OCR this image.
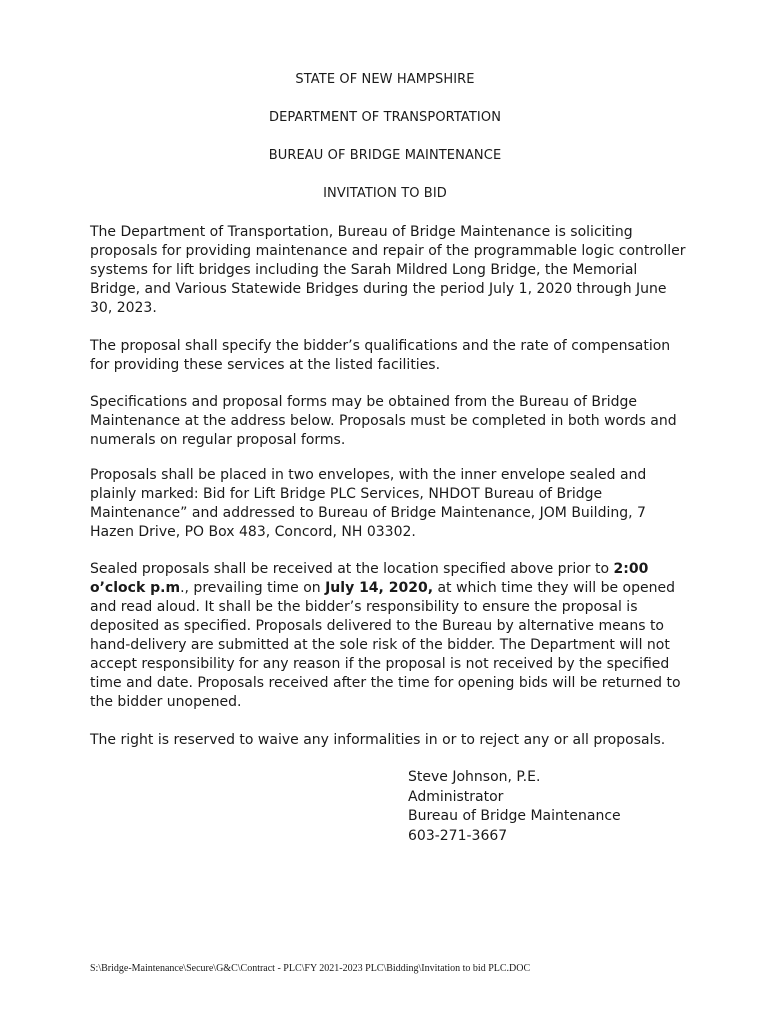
STATE OF NEW HAMPSHIRE
DEPARTMENT OF TRANSPORTATION
BUREAU OF BRIDGE MAINTENANCE
INVITATION TO BID

The Department of Transportation, Bureau of Bridge Maintenance is soliciting proposals for providing maintenance and repair of the programmable logic controller systems for lift bridges including the Sarah Mildred Long Bridge, the Memorial Bridge, and Various Statewide Bridges during the period July 1, 2020 through June 30, 2023.

The proposal shall specify the bidder’s qualifications and the rate of compensation for providing these services at the listed facilities.

Specifications and proposal forms may be obtained from the Bureau of Bridge Maintenance at the address below. Proposals must be completed in both words and numerals on regular proposal forms.

Proposals shall be placed in two envelopes, with the inner envelope sealed and plainly marked: Bid for Lift Bridge PLC Services, NHDOT Bureau of Bridge Maintenance” and addressed to Bureau of Bridge Maintenance, JOM Building, 7 Hazen Drive, PO Box 483, Concord, NH 03302.

Sealed proposals shall be received at the location specified above prior to 2:00 o’clock p.m., prevailing time on July 14, 2020, at which time they will be opened and read aloud. It shall be the bidder’s responsibility to ensure the proposal is deposited as specified. Proposals delivered to the Bureau by alternative means to hand-delivery are submitted at the sole risk of the bidder. The Department will not accept responsibility for any reason if the proposal is not received by the specified time and date. Proposals received after the time for opening bids will be returned to the bidder unopened.

The right is reserved to waive any informalities in or to reject any or all proposals.

Steve Johnson, P.E.
Administrator
Bureau of Bridge Maintenance
603-271-3667
S:\Bridge-Maintenance\Secure\G&C\Contract - PLC\FY 2021-2023 PLC\Bidding\Invitation to bid PLC.DOC
